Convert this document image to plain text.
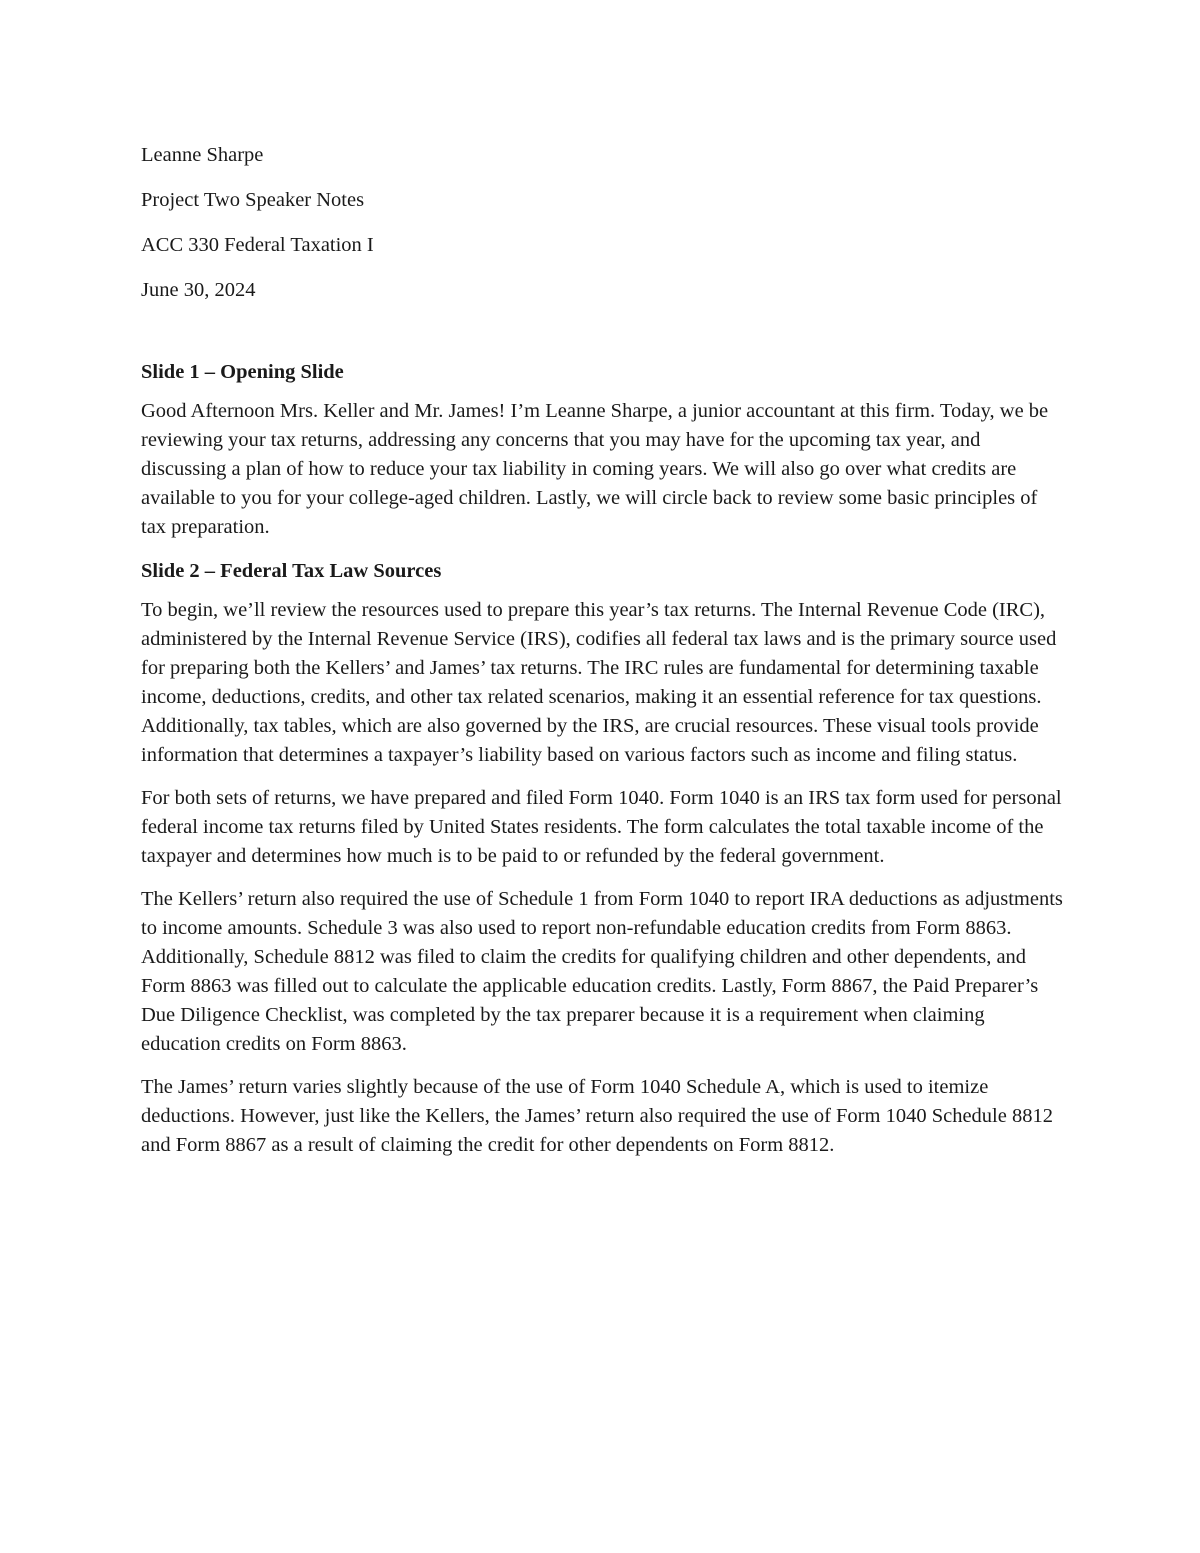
Leanne Sharpe

Project Two Speaker Notes

ACC 330 Federal Taxation I

June 30, 2024

Slide 1 – Opening Slide

Good Afternoon Mrs. Keller and Mr. James! I’m Leanne Sharpe, a junior accountant at this firm. Today, we be reviewing your tax returns, addressing any concerns that you may have for the upcoming tax year, and discussing a plan of how to reduce your tax liability in coming years. We will also go over what credits are available to you for your college-aged children. Lastly, we will circle back to review some basic principles of tax preparation.

Slide 2 – Federal Tax Law Sources

To begin, we’ll review the resources used to prepare this year’s tax returns. The Internal Revenue Code (IRC), administered by the Internal Revenue Service (IRS), codifies all federal tax laws and is the primary source used for preparing both the Kellers’ and James’ tax returns. The IRC rules are fundamental for determining taxable income, deductions, credits, and other tax related scenarios, making it an essential reference for tax questions. Additionally, tax tables, which are also governed by the IRS, are crucial resources. These visual tools provide information that determines a taxpayer’s liability based on various factors such as income and filing status.

For both sets of returns, we have prepared and filed Form 1040. Form 1040 is an IRS tax form used for personal federal income tax returns filed by United States residents. The form calculates the total taxable income of the taxpayer and determines how much is to be paid to or refunded by the federal government.

The Kellers’ return also required the use of Schedule 1 from Form 1040 to report IRA deductions as adjustments to income amounts. Schedule 3 was also used to report non-refundable education credits from Form 8863. Additionally, Schedule 8812 was filed to claim the credits for qualifying children and other dependents, and Form 8863 was filled out to calculate the applicable education credits. Lastly, Form 8867, the Paid Preparer’s Due Diligence Checklist, was completed by the tax preparer because it is a requirement when claiming education credits on Form 8863.

The James’ return varies slightly because of the use of Form 1040 Schedule A, which is used to itemize deductions. However, just like the Kellers, the James’ return also required the use of Form 1040 Schedule 8812 and Form 8867 as a result of claiming the credit for other dependents on Form 8812.
